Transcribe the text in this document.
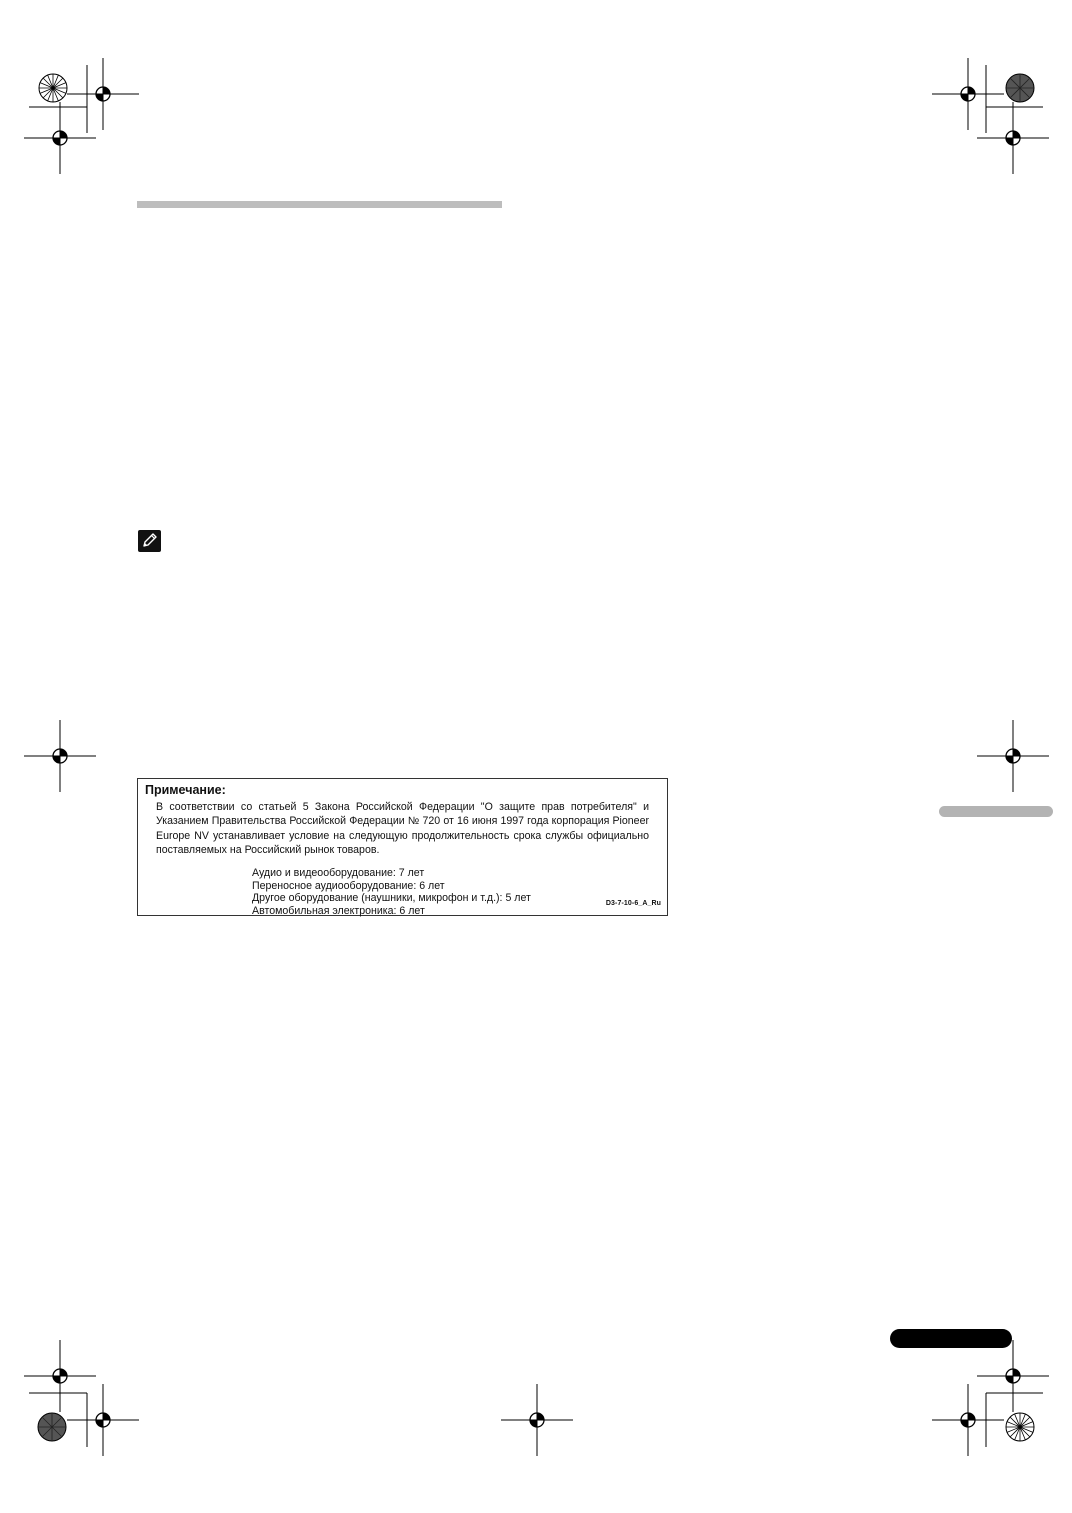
Примечание:
В соответствии со статьей 5 Закона Российской Федерации "О защите прав потребителя" и Указанием Правительства Российской Федерации № 720 от 16 июня 1997 года корпорация Pioneer Europe NV устанавливает условие на следующую продолжительность срока службы официально поставляемых на Российский рынок товаров.
Аудио и видеооборудование: 7 лет
Переносное аудиооборудование: 6 лет
Другое оборудование (наушники, микрофон и т.д.): 5 лет
Автомобильная электроника: 6 лет
D3-7-10-6_A_Ru
